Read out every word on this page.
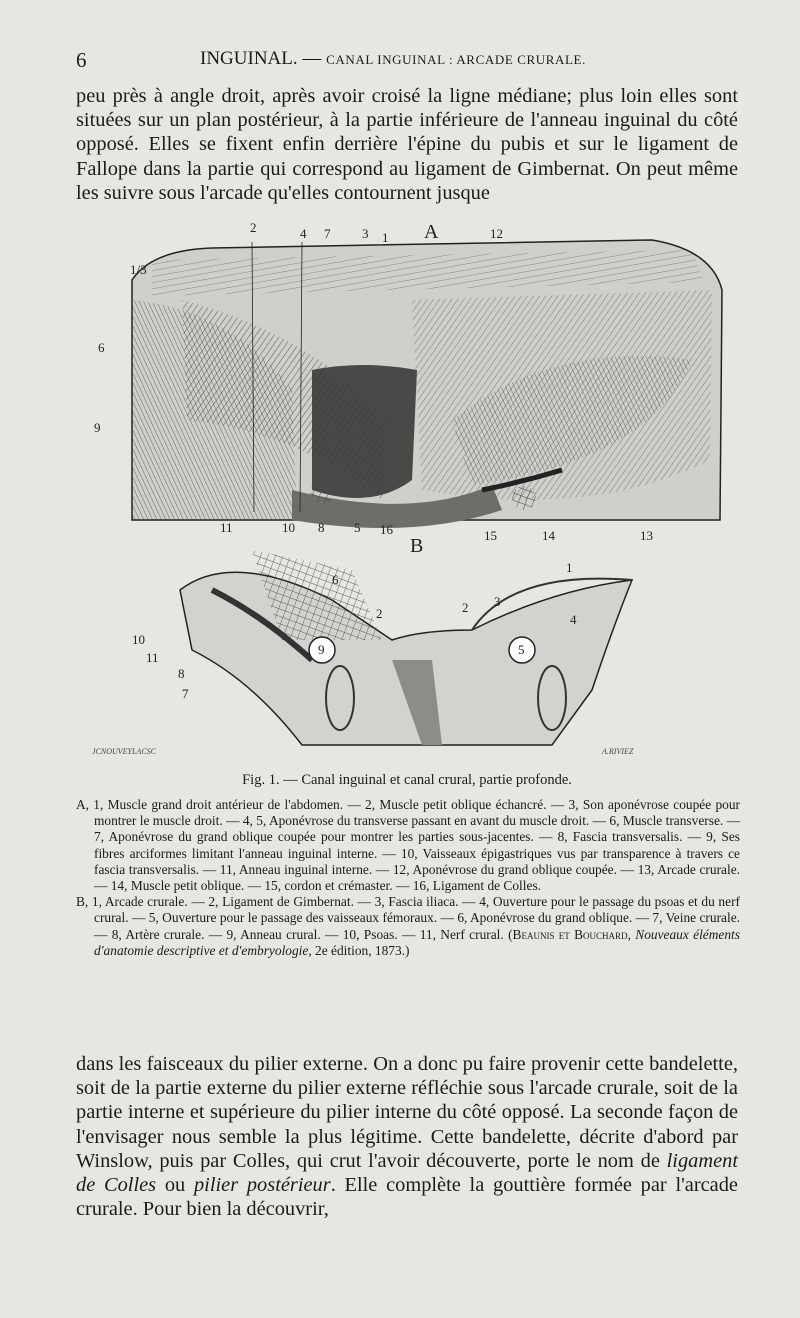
6	INGUINAL. — CANAL INGUINAL : ARCADE CRURALE.

peu près à angle droit, après avoir croisé la ligne médiane; plus loin elles sont situées sur un plan postérieur, à la partie inférieure de l'anneau inguinal du côté opposé. Elles se fixent enfin derrière l'épine du pubis et sur le ligament de Fallope dans la partie qui correspond au ligament de Gimbernat. On peut même les suivre sous l'arcade qu'elles contournent jusque

A
2	4 7 3 1	12
1/3
6
9
11	10 8 5 16	15	14	13
B
6
1
3
4
2	2
10
11
8
7
9	5
JCNOUVEYLACSC	A.RIVIEZ
Fig. 1. — Canal inguinal et canal crural, partie profonde.

A, 1, Muscle grand droit antérieur de l'abdomen. — 2, Muscle petit oblique échancré. — 3, Son aponévrose coupée pour montrer le muscle droit. — 4, 5, Aponévrose du transverse passant en avant du muscle droit. — 6, Muscle transverse. — 7, Aponévrose du grand oblique coupée pour montrer les parties sous-jacentes. — 8, Fascia transversalis. — 9, Ses fibres arciformes limitant l'anneau inguinal interne. — 10, Vaisseaux épigastriques vus par transparence à travers ce fascia transversalis. — 11, Anneau inguinal interne. — 12, Aponévrose du grand oblique coupée. — 13, Arcade crurale. — 14, Muscle petit oblique. — 15, cordon et crémaster. — 16, Ligament de Colles.

B, 1, Arcade crurale. — 2, Ligament de Gimbernat. — 3, Fascia iliaca. — 4, Ouverture pour le passage du psoas et du nerf crural. — 5, Ouverture pour le passage des vaisseaux fémoraux. — 6, Aponévrose du grand oblique. — 7, Veine crurale. — 8, Artère crurale. — 9, Anneau crural. — 10, Psoas. — 11, Nerf crural. (Beaunis et Bouchard, Nouveaux éléments d'anatomie descriptive et d'embryologie, 2e édition, 1873.)

dans les faisceaux du pilier externe. On a donc pu faire provenir cette bandelette, soit de la partie externe du pilier externe réfléchie sous l'arcade crurale, soit de la partie interne et supérieure du pilier interne du côté opposé. La seconde façon de l'envisager nous semble la plus légitime. Cette bandelette, décrite d'abord par Winslow, puis par Colles, qui crut l'avoir découverte, porte le nom de ligament de Colles ou pilier postérieur. Elle complète la gouttière formée par l'arcade crurale. Pour bien la découvrir,
